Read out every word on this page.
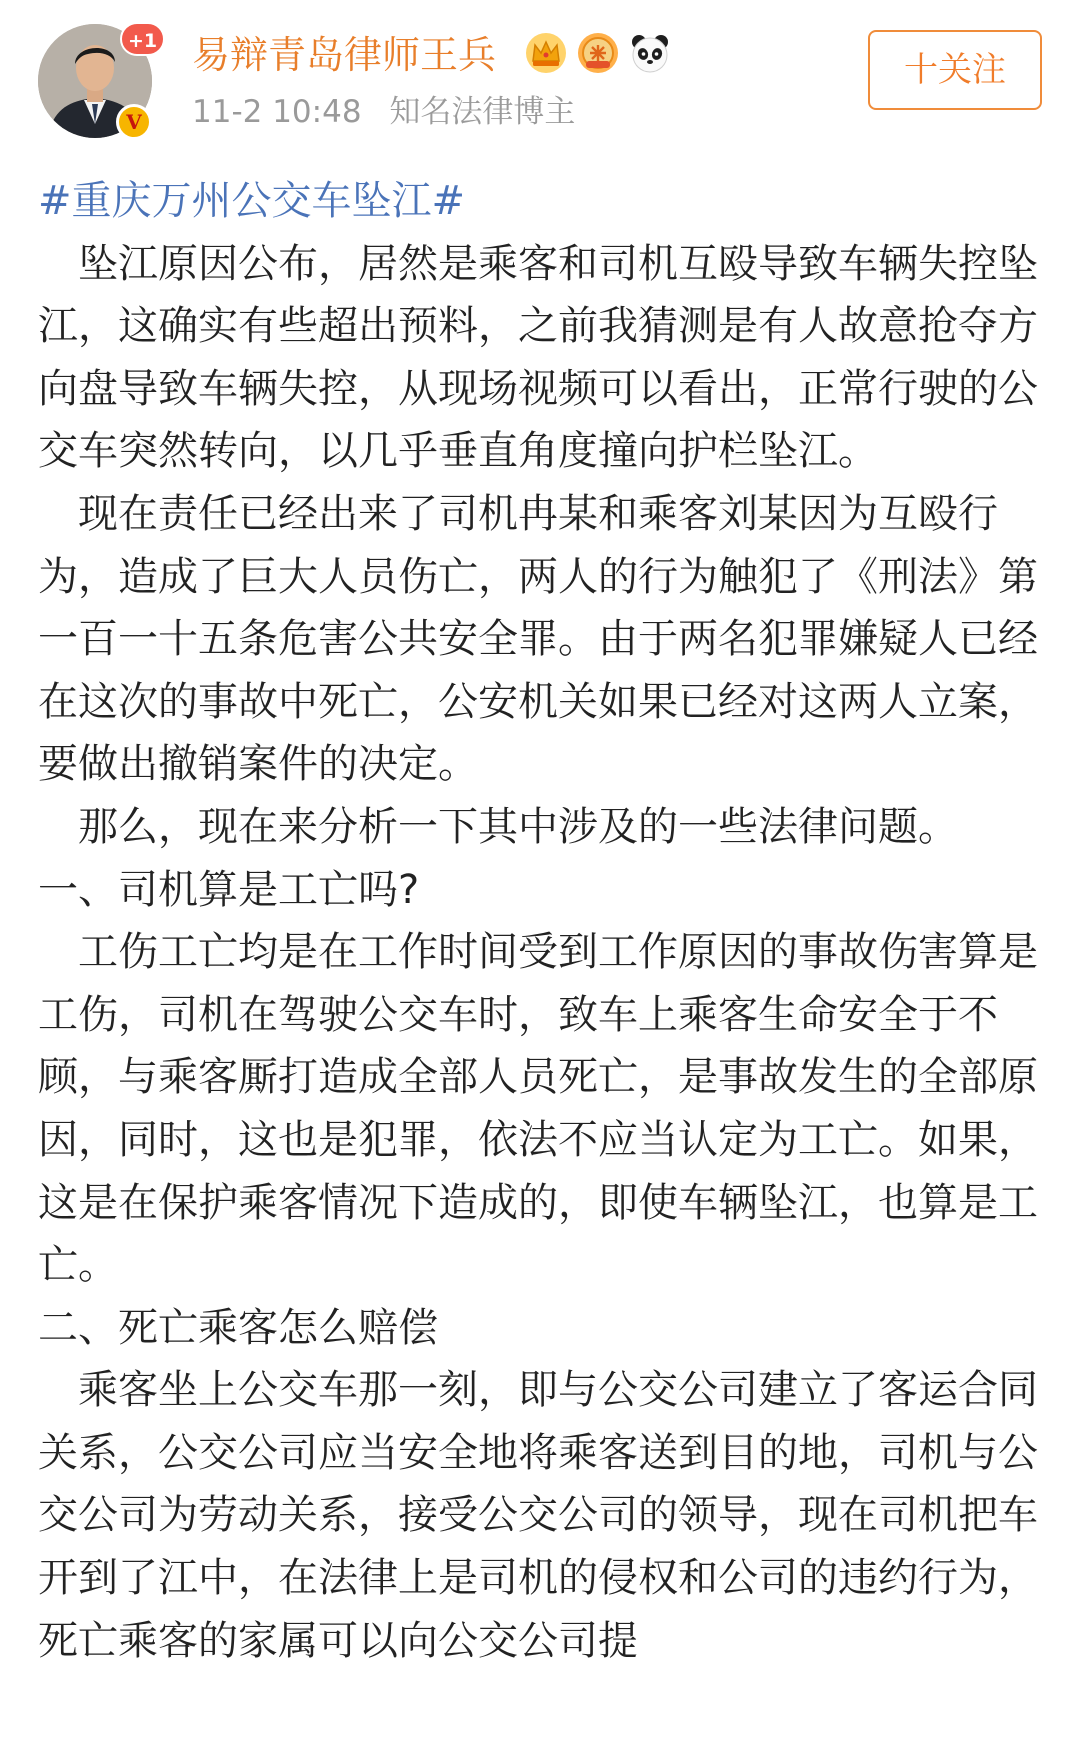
+1
V
易辩青岛律师王兵
11-2 10:48 知名法律博主
十关注
#重庆万州公交车坠江#

坠江原因公布，居然是乘客和司机互殴导致车辆失控坠江，这确实有些超出预料，之前我猜测是有人故意抢夺方向盘导致车辆失控，从现场视频可以看出，正常行驶的公交车突然转向，以几乎垂直角度撞向护栏坠江。

现在责任已经出来了司机冉某和乘客刘某因为互殴行为，造成了巨大人员伤亡，两人的行为触犯了《刑法》第一百一十五条危害公共安全罪。由于两名犯罪嫌疑人已经在这次的事故中死亡，公安机关如果已经对这两人立案，要做出撤销案件的决定。

那么，现在来分析一下其中涉及的一些法律问题。

一、司机算是工亡吗?

工伤工亡均是在工作时间受到工作原因的事故伤害算是工伤，司机在驾驶公交车时，致车上乘客生命安全于不顾，与乘客厮打造成全部人员死亡，是事故发生的全部原因，同时，这也是犯罪，依法不应当认定为工亡。如果，这是在保护乘客情况下造成的，即使车辆坠江，也算是工亡。

二、死亡乘客怎么赔偿

乘客坐上公交车那一刻，即与公交公司建立了客运合同关系，公交公司应当安全地将乘客送到目的地，司机与公交公司为劳动关系，接受公交公司的领导，现在司机把车开到了江中，在法律上是司机的侵权和公司的违约行为，死亡乘客的家属可以向公交公司提
